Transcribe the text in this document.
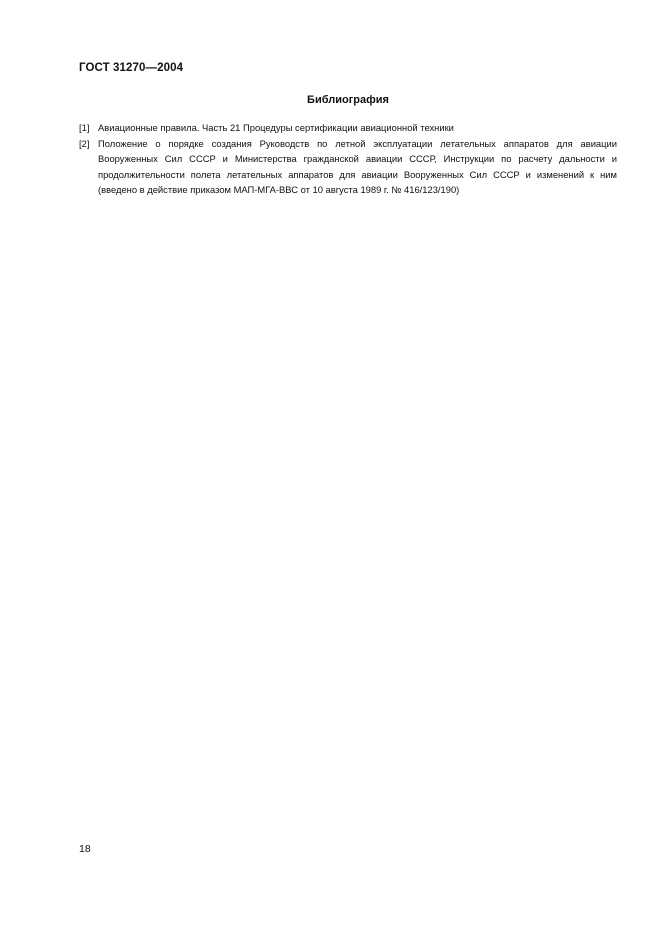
ГОСТ 31270—2004
Библиография
[1] Авиационные правила. Часть 21 Процедуры сертификации авиационной техники
[2] Положение о порядке создания Руководств по летной эксплуатации летательных аппаратов для авиации Вооруженных Сил СССР и Министерства гражданской авиации СССР, Инструкции по расчету дальности и продолжительности полета летательных аппаратов для авиации Вооруженных Сил СССР и изменений к ним (введено в действие приказом МАП-МГА-ВВС от 10 августа 1989 г. № 416/123/190)
18
